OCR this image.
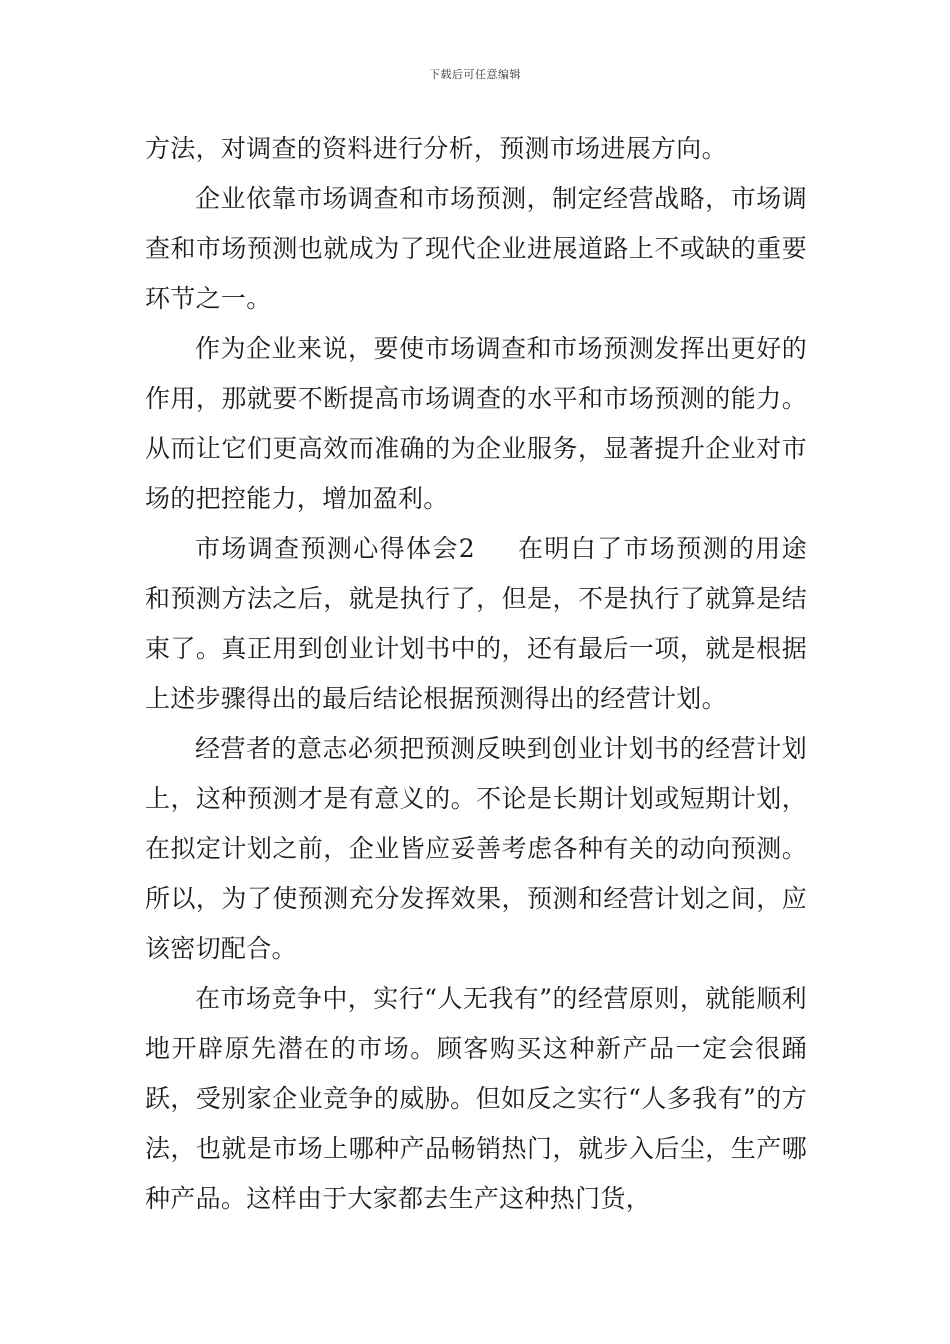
下载后可任意编辑

方法，对调查的资料进行分析，预测市场进展方向。

企业依靠市场调查和市场预测，制定经营战略，市场调查和市场预测也就成为了现代企业进展道路上不或缺的重要环节之一。

作为企业来说，要使市场调查和市场预测发挥出更好的作用，那就要不断提高市场调查的水平和市场预测的能力。从而让它们更高效而准确的为企业服务，显著提升企业对市场的把控能力，增加盈利。

市场调查预测心得体会2 在明白了市场预测的用途和预测方法之后，就是执行了，但是，不是执行了就算是结束了。真正用到创业计划书中的，还有最后一项，就是根据上述步骤得出的最后结论根据预测得出的经营计划。

经营者的意志必须把预测反映到创业计划书的经营计划上，这种预测才是有意义的。不论是长期计划或短期计划，在拟定计划之前，企业皆应妥善考虑各种有关的动向预测。所以，为了使预测充分发挥效果，预测和经营计划之间，应该密切配合。

在市场竞争中，实行“人无我有”的经营原则，就能顺利地开辟原先潜在的市场。顾客购买这种新产品一定会很踊跃，受别家企业竞争的威胁。但如反之实行“人多我有”的方法，也就是市场上哪种产品畅销热门，就步入后尘，生产哪种产品。这样由于大家都去生产这种热门货，
